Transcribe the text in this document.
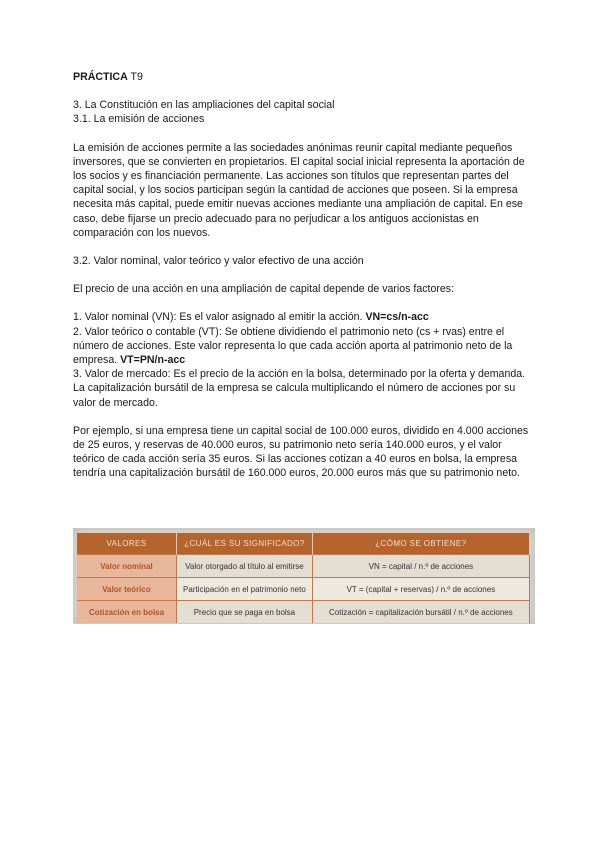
PRÁCTICA T9

3. La Constitución en las ampliaciones del capital social

3.1. La emisión de acciones

La emisión de acciones permite a las sociedades anónimas reunir capital mediante pequeños inversores, que se convierten en propietarios. El capital social inicial representa la aportación de los socios y es financiación permanente. Las acciones son títulos que representan partes del capital social, y los socios participan según la cantidad de acciones que poseen. Si la empresa necesita más capital, puede emitir nuevas acciones mediante una ampliación de capital. En ese caso, debe fijarse un precio adecuado para no perjudicar a los antiguos accionistas en comparación con los nuevos.

3.2. Valor nominal, valor teórico y valor efectivo de una acción

El precio de una acción en una ampliación de capital depende de varios factores:

1. Valor nominal (VN): Es el valor asignado al emitir la acción. VN=cs/n-acc

2. Valor teórico o contable (VT): Se obtiene dividiendo el patrimonio neto (cs + rvas) entre el número de acciones. Este valor representa lo que cada acción aporta al patrimonio neto de la empresa. VT=PN/n-acc

3. Valor de mercado: Es el precio de la acción en la bolsa, determinado por la oferta y demanda. La capitalización bursátil de la empresa se calcula multiplicando el número de acciones por su valor de mercado.

Por ejemplo, si una empresa tiene un capital social de 100.000 euros, dividido en 4.000 acciones de 25 euros, y reservas de 40.000 euros, su patrimonio neto sería 140.000 euros, y el valor teórico de cada acción sería 35 euros. Si las acciones cotizan a 40 euros en bolsa, la empresa tendría una capitalización bursátil de 160.000 euros, 20.000 euros más que su patrimonio neto.

VALORES	¿CUÁL ES SU SIGNIFICADO?	¿CÓMO SE OBTIENE?
Valor nominal	Valor otorgado al título al emitirse	VN = capital / n.º de acciones
Valor teórico	Participación en el patrimonio neto	VT = (capital + reservas) / n.º de acciones
Cotización en bolsa	Precio que se paga en bolsa	Cotización = capitalización bursátil / n.º de acciones
